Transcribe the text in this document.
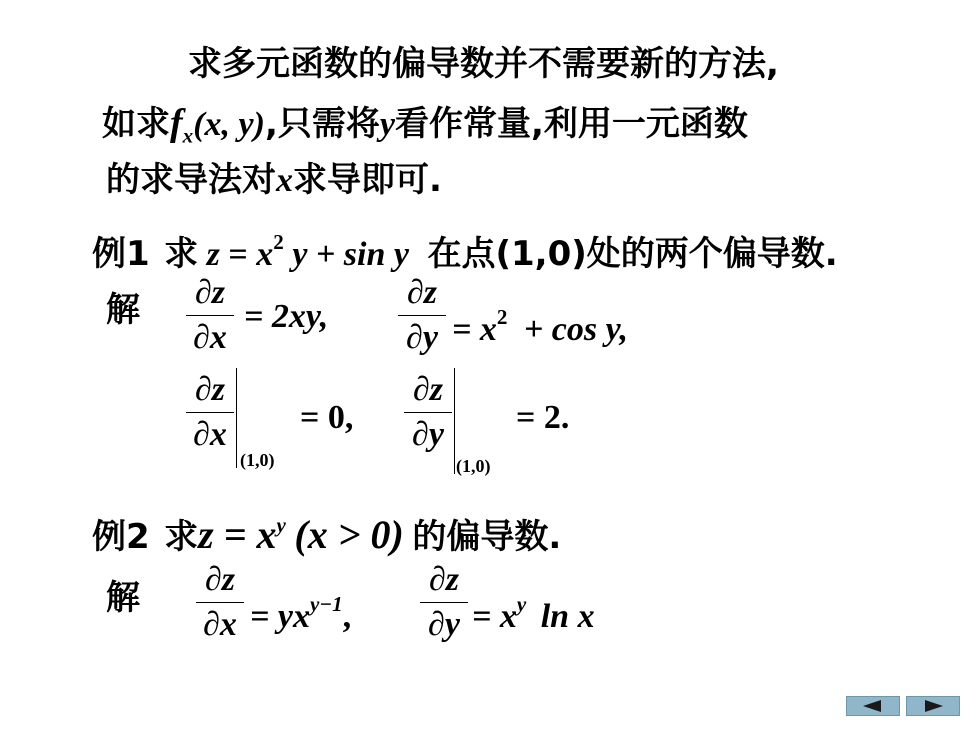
求多元函数的偏导数并不需要新的方法,
如求$f_x(x$, y),只需将y看作常量,利用一元函数
的求导法对x求导即可.
例1 求 $z = x^2$ y + sin y 在点(1,0)处的两个偏导数.
解 ∂z
∂x
= 2xy,
∂z
$\partial y = x^2 + \cos y$,
∂z
∂x
(1,0)
= 0,
∂z
∂y
(1,0)
= 2.
例2 求$z = x^y$ (x > 0) 的偏导数.
解 ∂z
$\partial x = yx^{y-1}$,
∂z
$\partial y = x^y$ ln x
